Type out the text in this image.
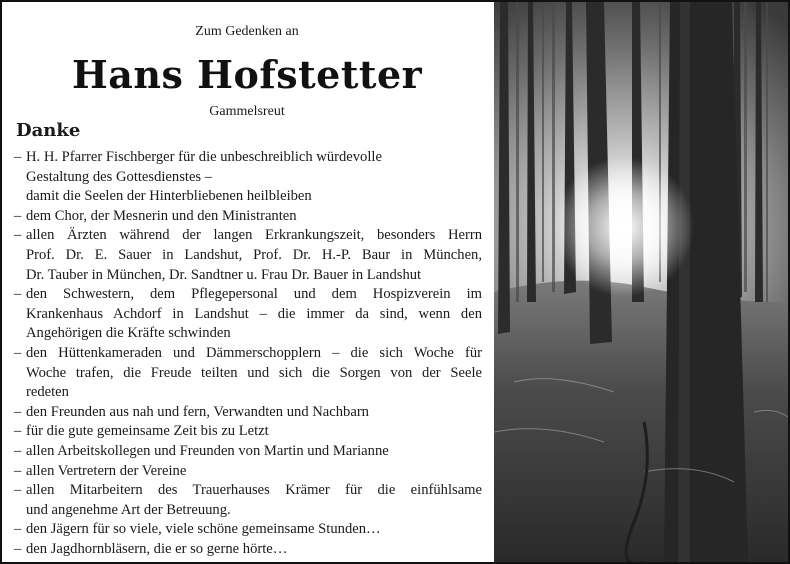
Zum Gedenken an
Hans Hofstetter
Gammelsreut
Danke
– H. H. Pfarrer Fischberger für die unbeschreiblich würdevolle
Gestaltung des Gottesdienstes –
damit die Seelen der Hinterbliebenen heilbleiben
– dem Chor, der Mesnerin und den Ministranten
– allen Ärzten während der langen Erkrankungszeit, besonders Herrn
Prof. Dr. E. Sauer in Landshut, Prof. Dr. H.-P. Baur in München,
Dr. Tauber in München, Dr. Sandtner u. Frau Dr. Bauer in Landshut
– den Schwestern, dem Pflegepersonal und dem Hospizverein im
Krankenhaus Achdorf in Landshut – die immer da sind, wenn den
Angehörigen die Kräfte schwinden
– den Hüttenkameraden und Dämmerschopplern – die sich Woche für
Woche trafen, die Freude teilten und sich die Sorgen von der Seele
redeten
– den Freunden aus nah und fern, Verwandten und Nachbarn
– für die gute gemeinsame Zeit bis zu Letzt
– allen Arbeitskollegen und Freunden von Martin und Marianne
– allen Vertretern der Vereine
– allen Mitarbeitern des Trauerhauses Krämer für die einfühlsame
und angenehme Art der Betreuung.
– den Jägern für so viele, viele schöne gemeinsame Stunden…
– den Jagdhornbläsern, die er so gerne hörte…
